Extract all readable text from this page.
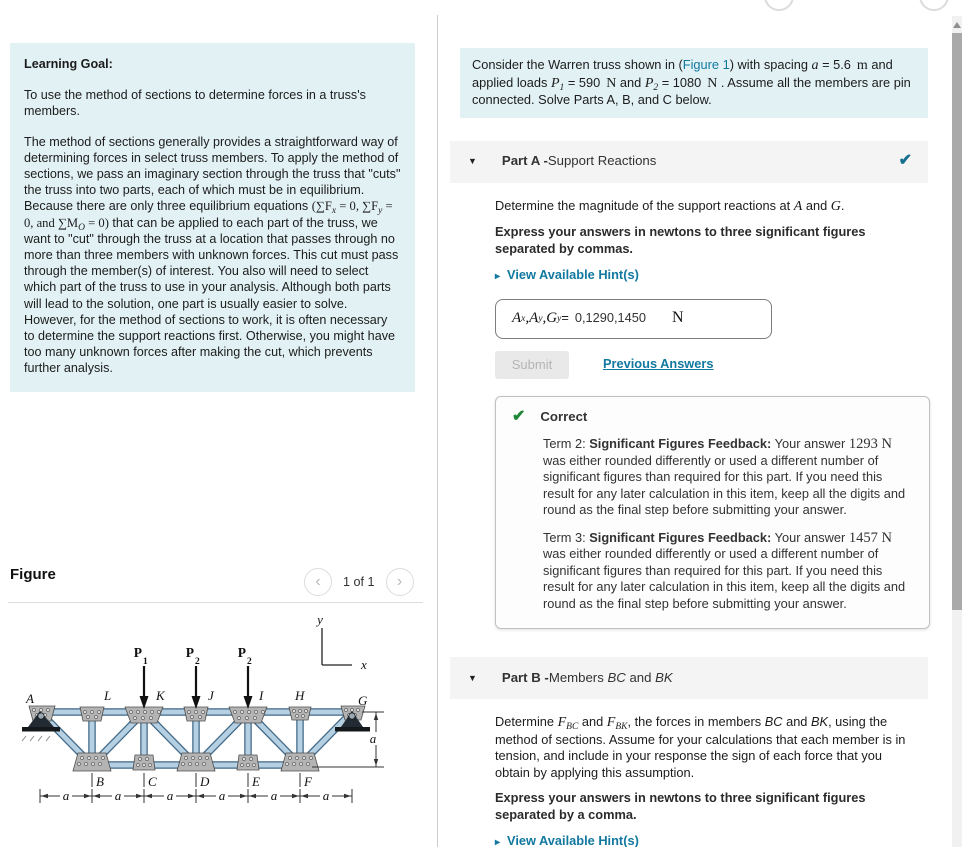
Learning Goal:

To use the method of sections to determine forces in a truss's members.

The method of sections generally provides a straightforward way of determining forces in select truss members. To apply the method of sections, we pass an imaginary section through the truss that "cuts" the truss into two parts, each of which must be in equilibrium. Because there are only three equilibrium equations ($\sum F_x = 0$, $\sum F_y = 0$, and $\sum M_O = 0$) that can be applied to each part of the truss, we want to "cut" through the truss at a location that passes through no more than three members with unknown forces. This cut must pass through the member(s) of interest. You also will need to select which part of the truss to use in your analysis. Although both parts will lead to the solution, one part is usually easier to solve. However, for the method of sections to work, it is often necessary to determine the support reactions first. Otherwise, you might have too many unknown forces after making the cut, which prevents further analysis.

Figure	‹ 1 of 1 ›
P
1
P
2
P
2
A	L	K	J	I H	G
B	C	D	E	F
a	a	a	a	a	a
a
y
x
Consider the Warren truss shown in (Figure 1) with spacing a = 5.6 m and applied loads $P_1 = 590$ N and $P_2 = 1080$ N . Assume all the members are pin connected. Solve Parts A, B, and C below.
▼ Part A - Support Reactions	✔

Determine the magnitude of the support reactions at A and G.

Express your answers in newtons to three significant figures separated by commas.

▸ View Available Hint(s)
A x , A y , G y = 0,1290,1450 N
Submit	Previous Answers
✔ Correct

Term 2: Significant Figures Feedback: Your answer 1293 N was either rounded differently or used a different number of significant figures than required for this part. If you need this result for any later calculation in this item, keep all the digits and round as the final step before submitting your answer.

Term 3: Significant Figures Feedback: Your answer 1457 N was either rounded differently or used a different number of significant figures than required for this part. If you need this result for any later calculation in this item, keep all the digits and round as the final step before submitting your answer.

▼ Part B - Members BC and BK

Determine $F_{BC}$ and $F_{BK}$, the forces in members BC and BK, using the method of sections. Assume for your calculations that each member is in tension, and include in your response the sign of each force that you obtain by applying this assumption.

Express your answers in newtons to three significant figures separated by a comma.

▸ View Available Hint(s)
